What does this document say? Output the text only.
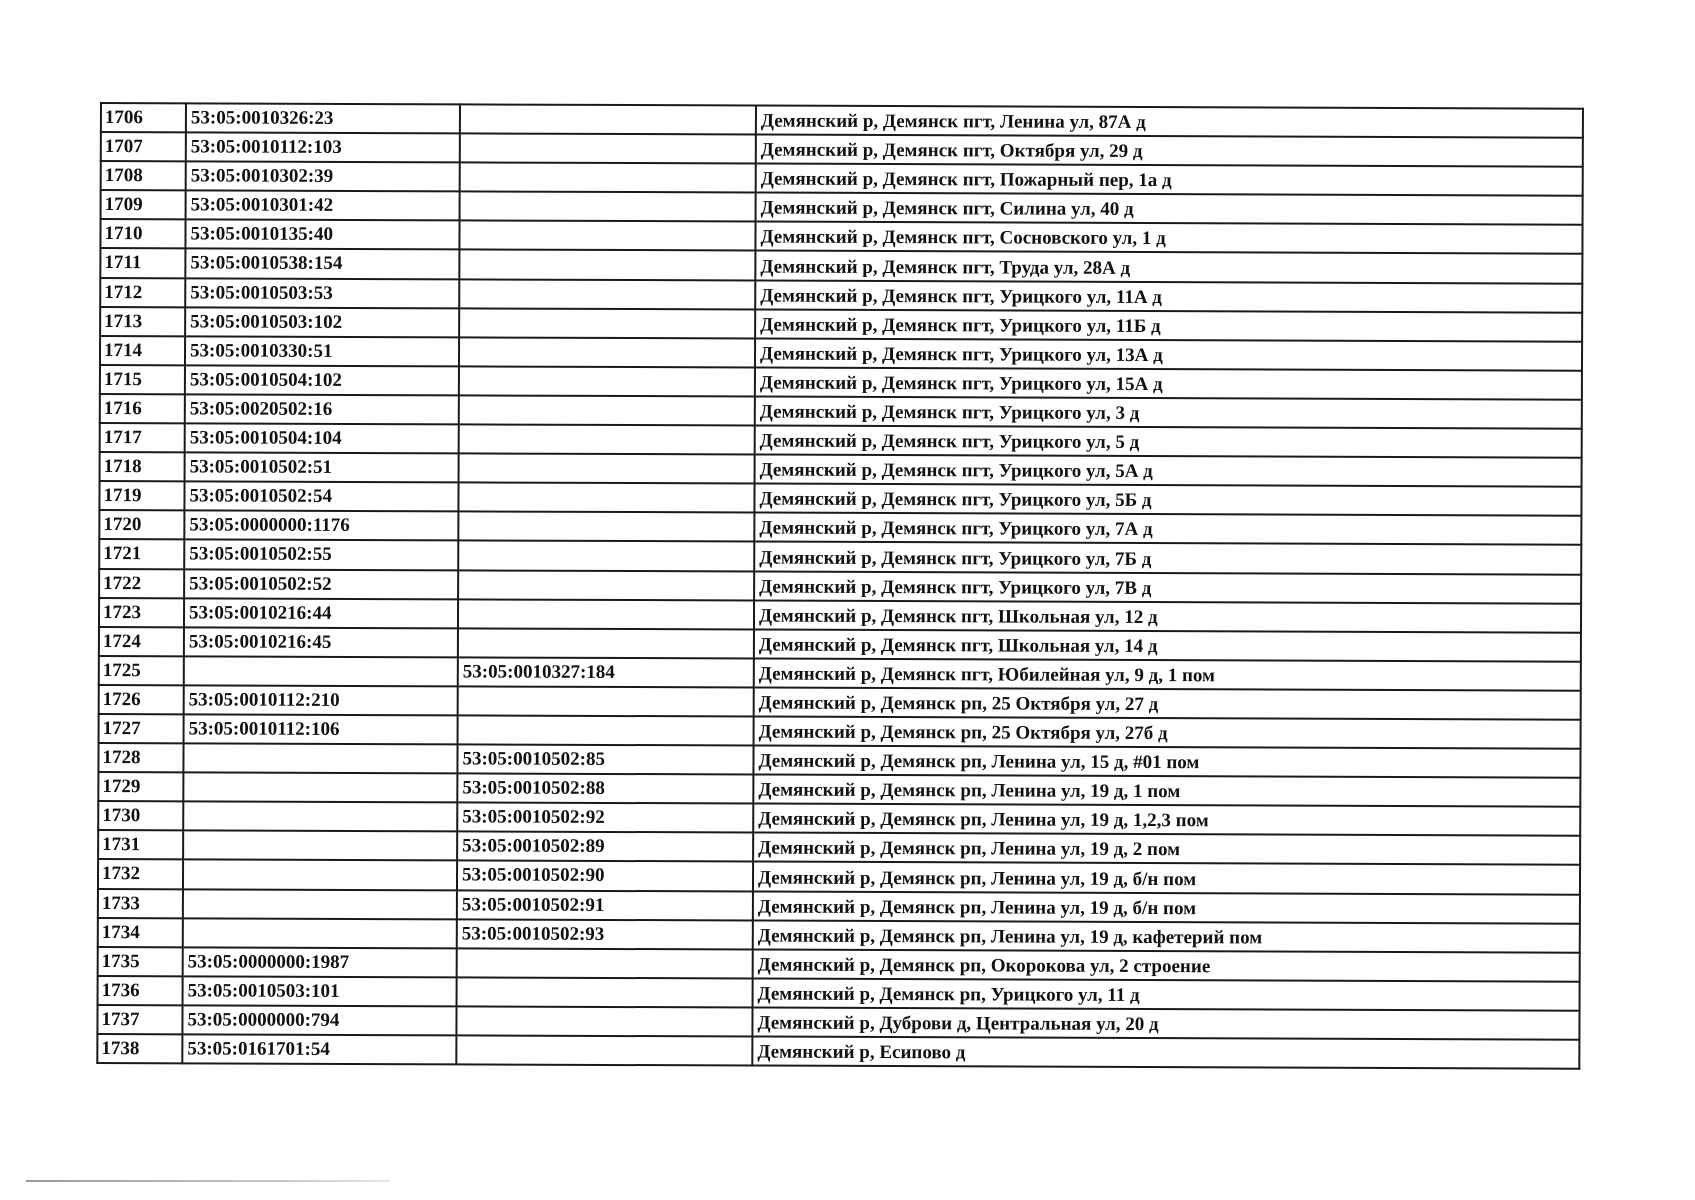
1706	53:05:0010326:23		Демянский р, Демянск пгт, Ленина ул, 87А д
1707	53:05:0010112:103		Демянский р, Демянск пгт, Октября ул, 29 д
1708	53:05:0010302:39		Демянский р, Демянск пгт, Пожарный пер, 1а д
1709	53:05:0010301:42		Демянский р, Демянск пгт, Силина ул, 40 д
1710	53:05:0010135:40		Демянский р, Демянск пгт, Сосновского ул, 1 д
1711	53:05:0010538:154		Демянский р, Демянск пгт, Труда ул, 28А д
1712	53:05:0010503:53		Демянский р, Демянск пгт, Урицкого ул, 11А д
1713	53:05:0010503:102		Демянский р, Демянск пгт, Урицкого ул, 11Б д
1714	53:05:0010330:51		Демянский р, Демянск пгт, Урицкого ул, 13А д
1715	53:05:0010504:102		Демянский р, Демянск пгт, Урицкого ул, 15А д
1716	53:05:0020502:16		Демянский р, Демянск пгт, Урицкого ул, 3 д
1717	53:05:0010504:104		Демянский р, Демянск пгт, Урицкого ул, 5 д
1718	53:05:0010502:51		Демянский р, Демянск пгт, Урицкого ул, 5А д
1719	53:05:0010502:54		Демянский р, Демянск пгт, Урицкого ул, 5Б д
1720	53:05:0000000:1176		Демянский р, Демянск пгт, Урицкого ул, 7А д
1721	53:05:0010502:55		Демянский р, Демянск пгт, Урицкого ул, 7Б д
1722	53:05:0010502:52		Демянский р, Демянск пгт, Урицкого ул, 7В д
1723	53:05:0010216:44		Демянский р, Демянск пгт, Школьная ул, 12 д
1724	53:05:0010216:45		Демянский р, Демянск пгт, Школьная ул, 14 д
1725		53:05:0010327:184	Демянский р, Демянск пгт, Юбилейная ул, 9 д, 1 пом
1726	53:05:0010112:210		Демянский р, Демянск рп, 25 Октября ул, 27 д
1727	53:05:0010112:106		Демянский р, Демянск рп, 25 Октября ул, 27б д
1728		53:05:0010502:85	Демянский р, Демянск рп, Ленина ул, 15 д, #01 пом
1729		53:05:0010502:88	Демянский р, Демянск рп, Ленина ул, 19 д, 1 пом
1730		53:05:0010502:92	Демянский р, Демянск рп, Ленина ул, 19 д, 1,2,3 пом
1731		53:05:0010502:89	Демянский р, Демянск рп, Ленина ул, 19 д, 2 пом
1732		53:05:0010502:90	Демянский р, Демянск рп, Ленина ул, 19 д, б/н пом
1733		53:05:0010502:91	Демянский р, Демянск рп, Ленина ул, 19 д, б/н пом
1734		53:05:0010502:93	Демянский р, Демянск рп, Ленина ул, 19 д, кафетерий пом
1735	53:05:0000000:1987		Демянский р, Демянск рп, Окорокова ул, 2 строение
1736	53:05:0010503:101		Демянский р, Демянск рп, Урицкого ул, 11 д
1737	53:05:0000000:794		Демянский р, Дуброви д, Центральная ул, 20 д
1738	53:05:0161701:54		Демянский р, Есипово д
